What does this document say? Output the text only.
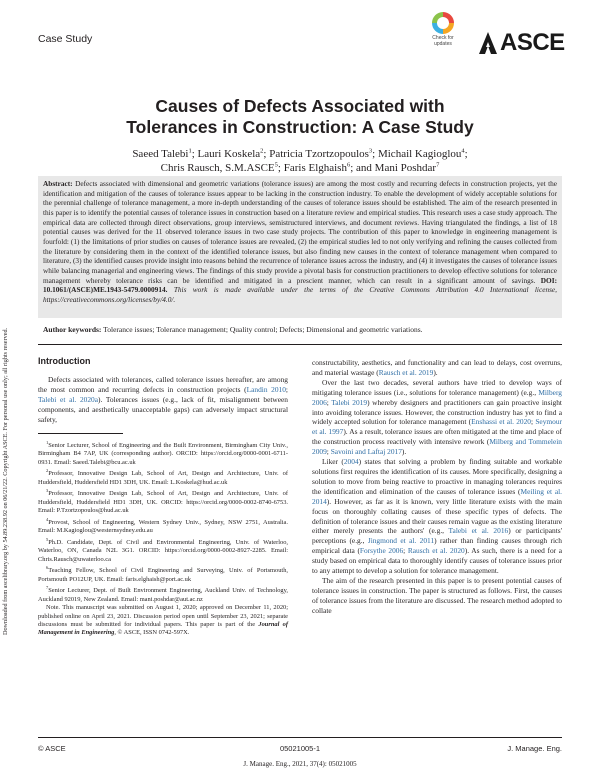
Case Study	Check for
updates ASCE
Downloaded from ascelibrary.org by 54.89.238.92 on 06/21/22. Copyright ASCE. For personal use only; all rights reserved.
Causes of Defects Associated with
Tolerances in Construction: A Case Study
Saeed Talebi$^1$; Lauri Koskela$^2$; Patricia Tzortzopoulos$^3$; Michail Kagioglou$^4$;
Chris Rausch, S.M.ASCE$^5$; Faris Elghaish$^6$; and Mani Poshdar$^7$

Abstract: Defects associated with dimensional and geometric variations (tolerance issues) are among the most costly and recurring defects in construction projects, yet the identification and mitigation of the causes of tolerance issues appear to be lacking in the construction industry. To enable the development of widely acceptable solutions for the perennial challenge of tolerance management, a more in-depth understanding of the causes of tolerance issues should be established. The aim of the research presented in this paper is to identify the potential causes of tolerance issues in construction based on a literature review and empirical studies. This research uses a case study approach. The empirical data are collected through direct observations, group interviews, semistructured interviews, and document reviews. Having triangulated the findings, a list of 18 potential causes was derived for the 11 observed tolerance issues in two case study projects. The contribution of this paper to knowledge in engineering management is fourfold: (1) the limitations of prior studies on causes of tolerance issues are revealed, (2) the empirical studies led to not only verifying and refining the causes collected from the literature by considering them in the context of the identified tolerance issues, but also finding new causes in the context of tolerance management when compared to literature, (3) the identified causes provide insight into reasons behind the recurrence of tolerance issues across the industry, and (4) it investigates the causes of tolerance issues while balancing managerial and engineering views. The findings of this study provide a pivotal basis for construction practitioners to develop effective solutions for tolerance management whereby tolerance risks can be identified and mitigated in a prescient manner, which can result in a significant amount of savings. DOI: 10.1061/(ASCE)ME.1943-5479.0000914. This work is made available under the terms of the Creative Commons Attribution 4.0 International license, https://creativecommons.org/licenses/by/4.0/.

Author keywords: Tolerance issues; Tolerance management; Quality control; Defects; Dimensional and geometric variations.

Introduction

Defects associated with tolerances, called tolerance issues hereafter, are among the most common and recurring defects in construction projects (Landin 2010; Talebi et al. 2020a). Tolerances issues (e.g., lack of fit, misalignment between components, and aesthetically unacceptable gaps) can adversely impact structural safety,

$^1$Senior Lecturer, School of Engineering and the Built Environment, Birmingham City Univ., Birmingham B4 7AP, UK (corresponding author). ORCID: https://orcid.org/0000-0001-6711-0931. Email: Saeed.Talebi@bcu.ac.uk

$^2$Professor, Innovative Design Lab, School of Art, Design and Architecture, Univ. of Huddersfield, Huddersfield HD1 3DH, UK. Email: L.Koskela@hud.ac.uk

$^3$Professor, Innovative Design Lab, School of Art, Design and Architecture, Univ. of Huddersfield, Huddersfield HD1 3DH, UK. ORCID: https://orcid.org/0000-0002-8740-6753. Email: P.Tzortzopoulos@hud.ac.uk

$^4$Provost, School of Engineering, Western Sydney Univ., Sydney, NSW 2751, Australia. Email: M.Kagioglou@westernsydney.edu.au

$^5$Ph.D. Candidate, Dept. of Civil and Environmental Engineering, Univ. of Waterloo, Waterloo, ON, Canada N2L 3G1. ORCID: https://orcid.org/0000-0002-8927-2285. Email: Chris.Rausch@uwaterloo.ca

$^6$Teaching Fellow, School of Civil Engineering and Surveying, Univ. of Portsmouth, Portsmouth PO12UP, UK. Email: faris.elghaish@port.ac.uk

$^7$Senior Lecturer, Dept. of Built Environment Engineering, Auckland Univ. of Technology, Auckland 92019, New Zealand. Email: mani.poshdar@aut.ac.nz

Note. This manuscript was submitted on August 1, 2020; approved on December 11, 2020; published online on April 23, 2021. Discussion period open until September 23, 2021; separate discussions must be submitted for individual papers. This paper is part of the Journal of Management in Engineering, © ASCE, ISSN 0742-597X.

constructability, aesthetics, and functionality and can lead to delays, cost overruns, and material wastage (Rausch et al. 2019).

Over the last two decades, several authors have tried to develop ways of mitigating tolerance issues (i.e., solutions for tolerance management) (e.g., Milberg 2006; Talebi 2019) whereby designers and practitioners can gain proactive insight into avoiding tolerance issues. However, the construction industry has yet to find a widely accepted solution for tolerance management (Enshassi et al. 2020; Seymour et al. 1997). As a result, tolerance issues are often mitigated at the time and place of the construction process reactively with intensive rework (Milberg and Tommelein 2009; Savoini and Laftaj 2017).

Liker (2004) states that solving a problem by finding suitable and workable solutions first requires the identification of its causes. More specifically, designing a solution to move from being reactive to proactive in managing tolerances requires the identification and elimination of the causes of tolerance issues (Meiling et al. 2014). However, as far as it is known, very little literature exists with the main focus on thoroughly collating causes of these specific types of defects. The definition of tolerance issues and their causes remain vague as the existing literature either merely presents the authors' (e.g., Talebi et al. 2016) or participants' perceptions (e.g., Jingmond et al. 2011) rather than finding causes through rich empirical data (Forsythe 2006; Rausch et al. 2020). As such, there is a need for a study based on empirical data to thoroughly identify causes of tolerance issues prior to any attempt to develop a solution for tolerance management.

The aim of the research presented in this paper is to present potential causes of tolerance issues in construction. The paper is structured as follows. First, the causes of tolerance issues from the literature are discussed. The research method adopted to collate

© ASCE	05021005-1	J. Manage. Eng.
J. Manage. Eng., 2021, 37(4): 05021005
